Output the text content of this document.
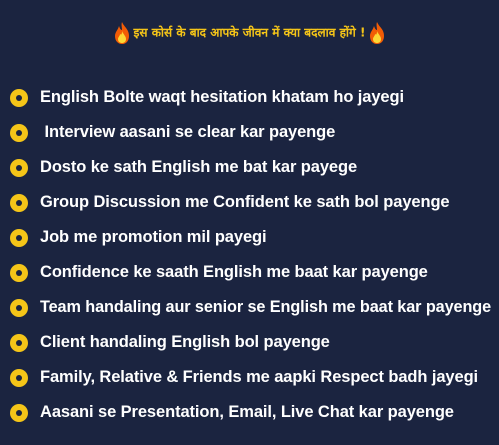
इस कोर्स के बाद आपके जीवन में क्या बदलाव होंगे !
English Bolte waqt hesitation khatam ho jayegi
Interview aasani se clear kar payenge
Dosto ke sath English me bat kar payege
Group Discussion me Confident ke sath bol payenge
Job me promotion mil payegi
Confidence ke saath English me baat kar payenge
Team handaling aur senior se English me baat kar payenge
Client handaling English bol payenge
Family, Relative & Friends me aapki Respect badh jayegi
Aasani se Presentation, Email, Live Chat kar payenge
